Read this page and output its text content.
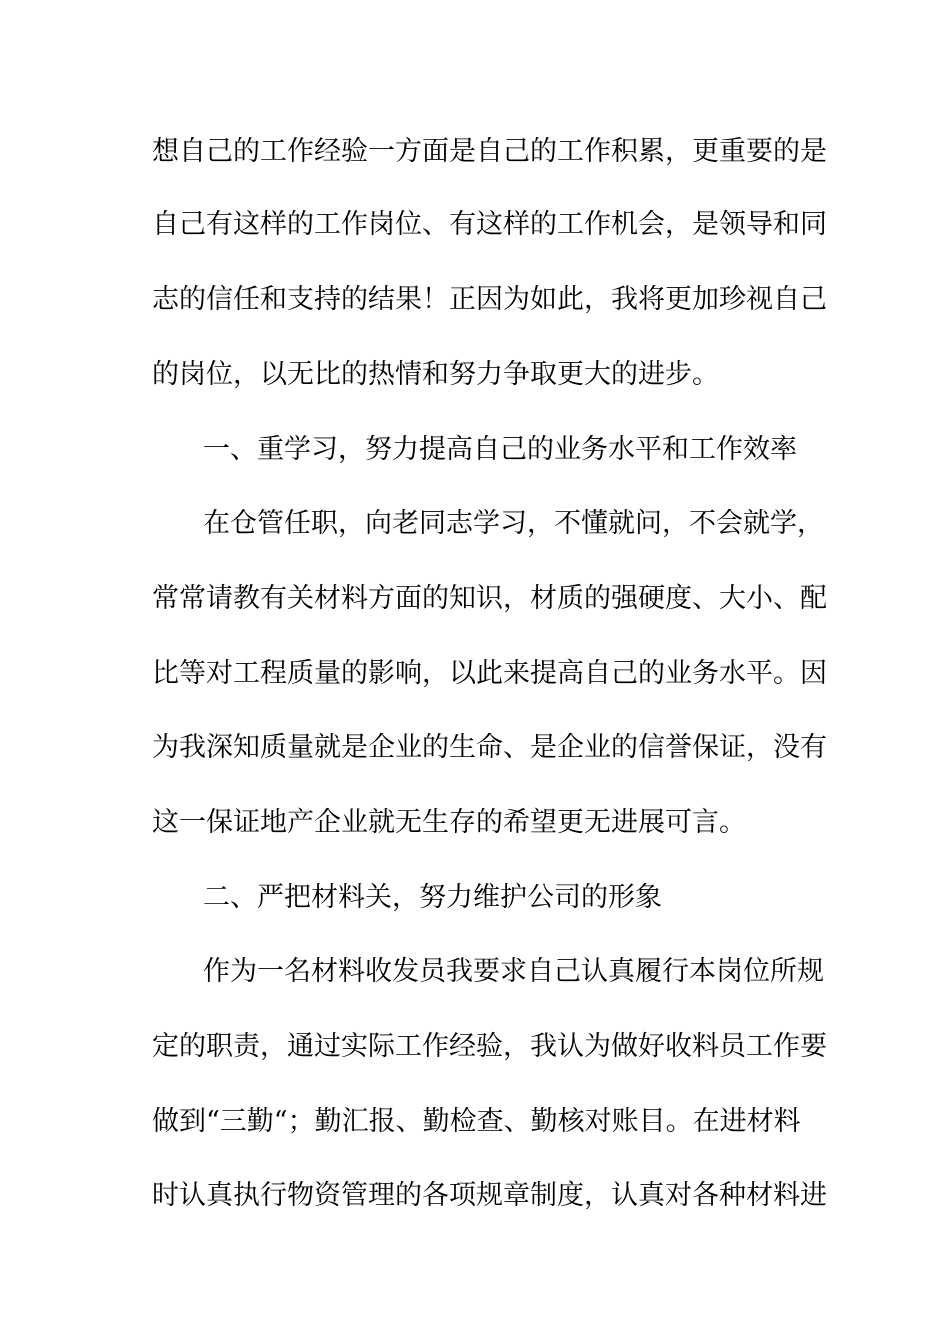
想自己的工作经验一方面是自己的工作积累，更重要的是
自己有这样的工作岗位、有这样的工作机会，是领导和同
志的信任和支持的结果！正因为如此，我将更加珍视自己
的岗位，以无比的热情和努力争取更大的进步。
一、重学习，努力提高自己的业务水平和工作效率
在仓管任职，向老同志学习，不懂就问，不会就学，
常常请教有关材料方面的知识，材质的强硬度、大小、配
比等对工程质量的影响，以此来提高自己的业务水平。因
为我深知质量就是企业的生命、是企业的信誉保证，没有
这一保证地产企业就无生存的希望更无进展可言。
二、严把材料关，努力维护公司的形象
作为一名材料收发员我要求自己认真履行本岗位所规
定的职责，通过实际工作经验，我认为做好收料员工作要
做到“三勤“；勤汇报、勤检查、勤核对账目。在进材料
时认真执行物资管理的各项规章制度，认真对各种材料进
